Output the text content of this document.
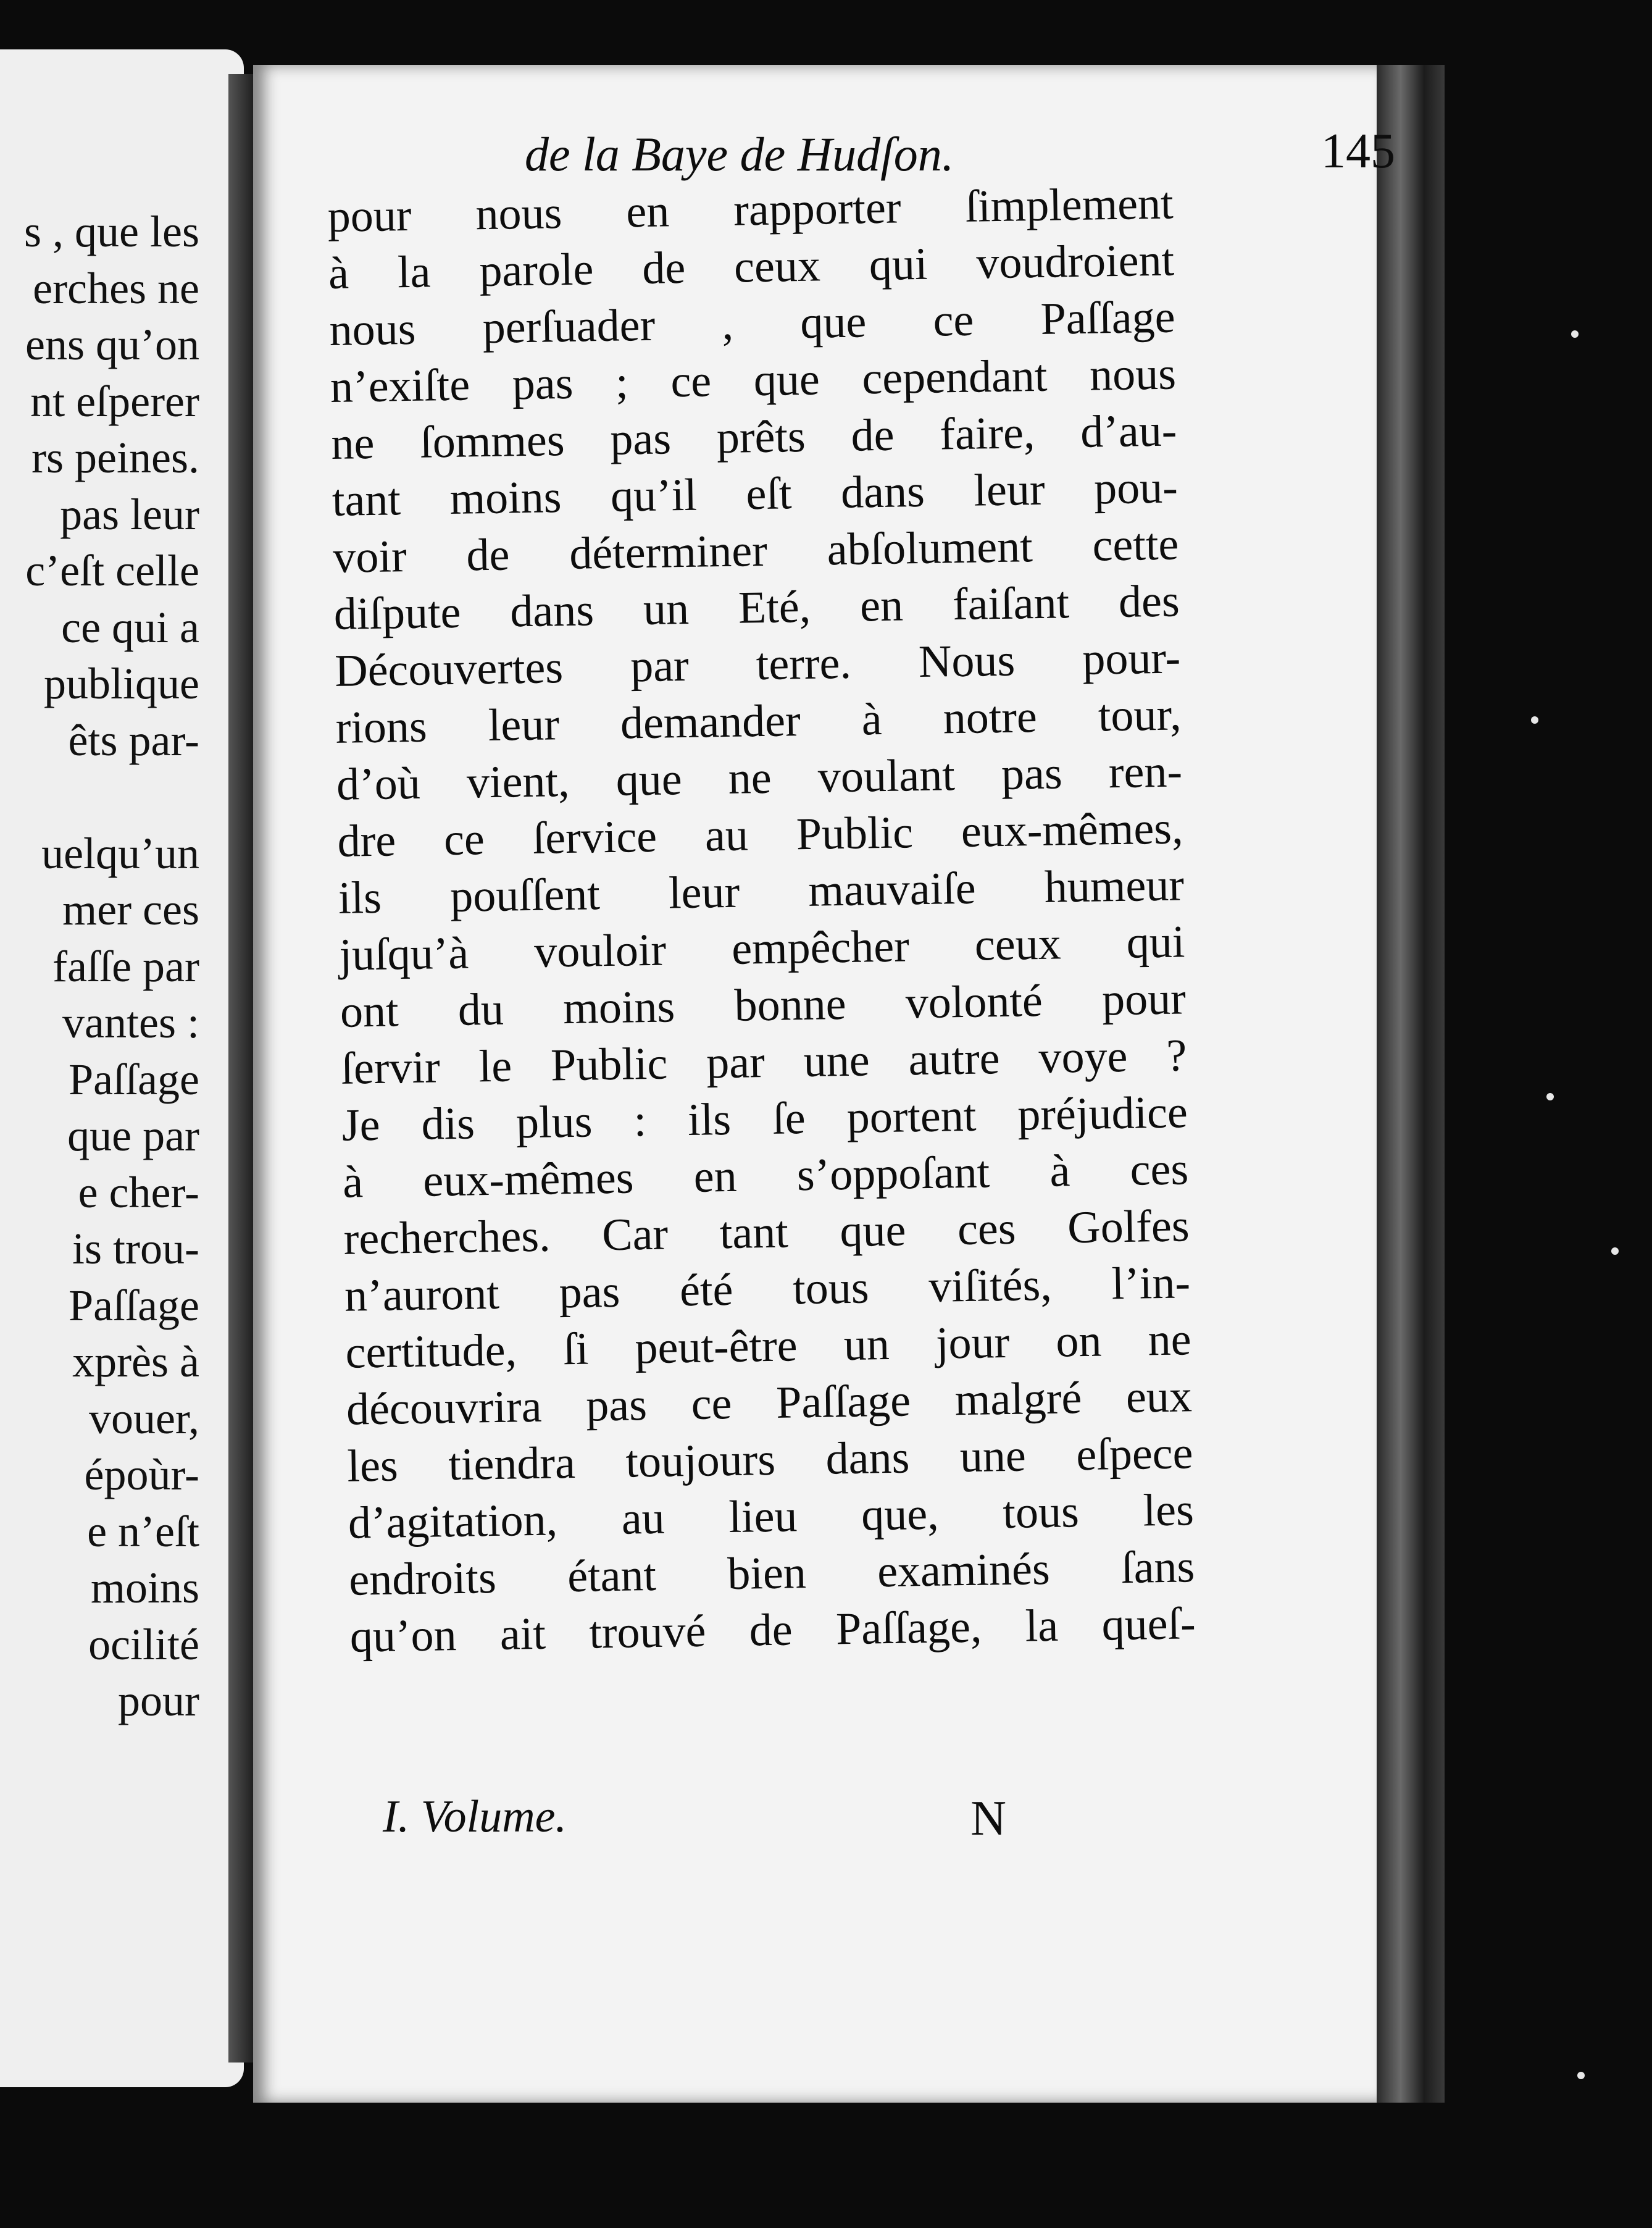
s , que les
erches ne
ens qu’on
nt eſperer
rs peines.
pas leur
c’eſt celle
ce qui a
publique
êts par-
uelqu’un
mer ces
faſſe par
vantes :
Paſſage
que par
e cher-
is trou-
Paſſage
xprès à
vouer,
époùr-
e n’eſt
moins
ocilité
pour
de la Baye de Hudſon.	145
pour nous en rapporter ſimplement
à la parole de ceux qui voudroient
nous perſuader , que ce Paſſage
n’exiſte pas ; ce que cependant nous
ne ſommes pas prêts de faire, d’au-
tant moins qu’il eſt dans leur pou-
voir de déterminer abſolument cette
diſpute dans un Eté, en faiſant des
Découvertes par terre. Nous pour-
rions leur demander à notre tour,
d’où vient, que ne voulant pas ren-
dre ce ſervice au Public eux-mêmes,
ils pouſſent leur mauvaiſe humeur
juſqu’à vouloir empêcher ceux qui
ont du moins bonne volonté pour
ſervir le Public par une autre voye ?
Je dis plus : ils ſe portent préjudice
à eux-mêmes en s’oppoſant à ces
recherches. Car tant que ces Golfes
n’auront pas été tous viſités, l’in-
certitude, ſi peut-être un jour on ne
découvrira pas ce Paſſage malgré eux
les tiendra toujours dans une eſpece
d’agitation, au lieu que, tous les
endroits étant bien examinés ſans
qu’on ait trouvé de Paſſage, la queſ-
I. Volume.	N
